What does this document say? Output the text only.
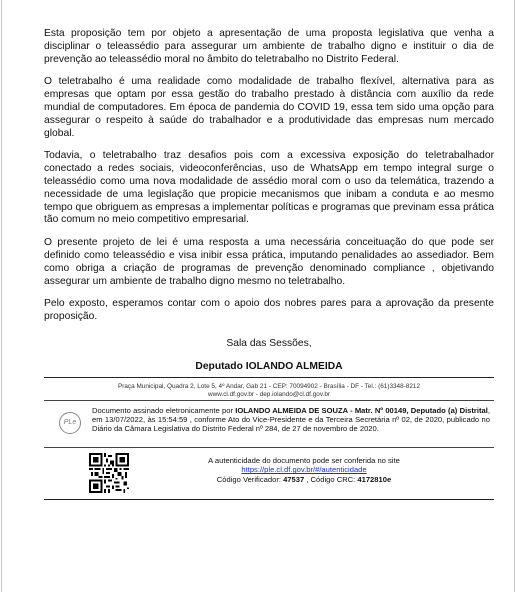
Esta proposição tem por objeto a apresentação de uma proposta legislativa que venha a disciplinar o teleassédio para assegurar um ambiente de trabalho digno e instituir o dia de prevenção ao teleassédio moral no âmbito do teletrabalho no Distrito Federal.

O teletrabalho é uma realidade como modalidade de trabalho flexível, alternativa para as empresas que optam por essa gestão do trabalho prestado à distância com auxílio da rede mundial de computadores. Em época de pandemia do COVID 19, essa tem sido uma opção para assegurar o respeito à saúde do trabalhador e a produtividade das empresas num mercado global.

Todavia, o teletrabalho traz desafios pois com a excessiva exposição do teletrabalhador conectado a redes sociais, videoconferências, uso de WhatsApp em tempo integral surge o teleassédio como uma nova modalidade de assédio moral com o uso da telemática, trazendo a necessidade de uma legislação que propicie mecanismos que inibam a conduta e ao mesmo tempo que obriguem as empresas a implementar políticas e programas que previnam essa prática tão comum no meio competitivo empresarial.

O presente projeto de lei é uma resposta a uma necessária conceituação do que pode ser definido como teleassédio e visa inibir essa prática, imputando penalidades ao assediador. Bem como obriga a criação de programas de prevenção denominado compliance , objetivando assegurar um ambiente de trabalho digno mesmo no teletrabalho.

Pelo exposto, esperamos contar com o apoio dos nobres pares para a aprovação da presente proposição.

Sala das Sessões,

Deputado IOLANDO ALMEIDA

Praça Municipal, Quadra 2, Lote 5, 4º Andar, Gab 21 - CEP: 70094902 - Brasília - DF - Tel.: (61)3348-8212
www.cl.df.gov.br - dep.iolando@cl.df.gov.br
PLe
Documento assinado eletronicamente por IOLANDO ALMEIDA DE SOUZA - Matr. Nº 00149, Deputado (a) Distrital, em 13/07/2022, às 15:54:59 , conforme Ato do Vice-Presidente e da Terceira Secretária nº 02, de 2020, publicado no Diário da Câmara Legislativa do Distrito Federal nº 284, de 27 de novembro de 2020.
A autenticidade do documento pode ser conferida no site
https://ple.cl.df.gov.br/#/autenticidade
Código Verificador: 47537 , Código CRC: 4172810e
